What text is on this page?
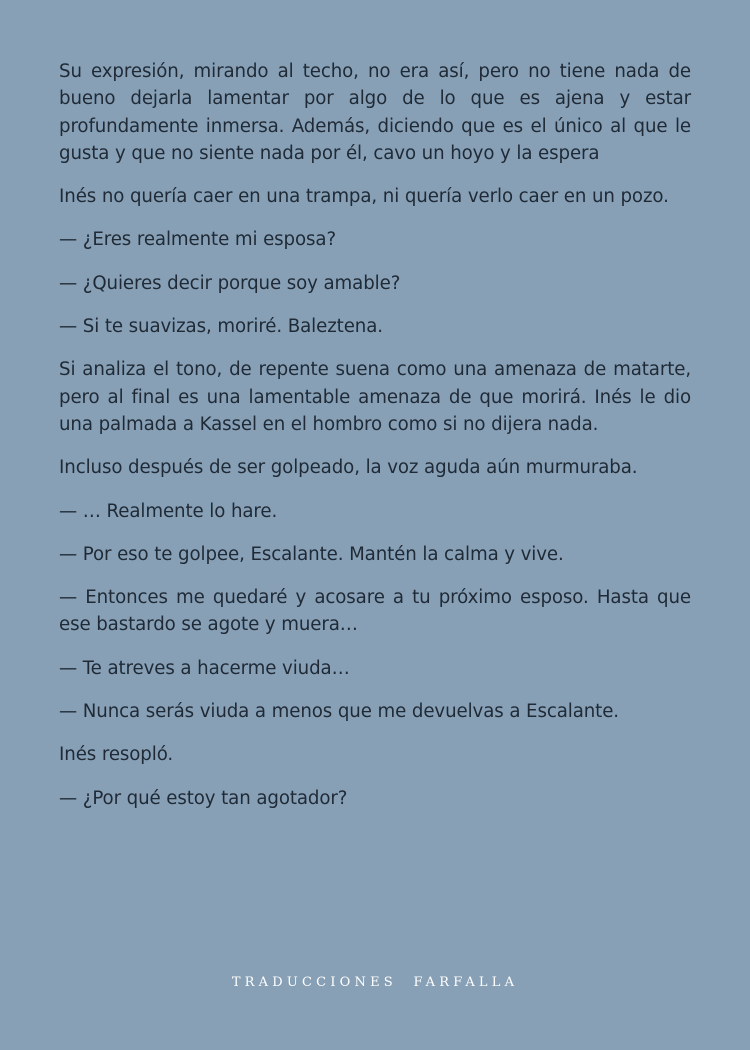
Su expresión, mirando al techo, no era así, pero no tiene nada de bueno dejarla lamentar por algo de lo que es ajena y estar profundamente inmersa. Además, diciendo que es el único al que le gusta y que no siente nada por él, cavo un hoyo y la espera

Inés no quería caer en una trampa, ni quería verlo caer en un pozo.

— ¿Eres realmente mi esposa?

— ¿Quieres decir porque soy amable?

— Si te suavizas, moriré. Baleztena.

Si analiza el tono, de repente suena como una amenaza de matarte, pero al final es una lamentable amenaza de que morirá. Inés le dio una palmada a Kassel en el hombro como si no dijera nada.

Incluso después de ser golpeado, la voz aguda aún murmuraba.

— … Realmente lo hare.

— Por eso te golpee, Escalante. Mantén la calma y vive.

— Entonces me quedaré y acosare a tu próximo esposo. Hasta que ese bastardo se agote y muera…

— Te atreves a hacerme viuda…

— Nunca serás viuda a menos que me devuelvas a Escalante.

Inés resopló.

— ¿Por qué estoy tan agotador?

TRADUCCIONES  FARFALLA
